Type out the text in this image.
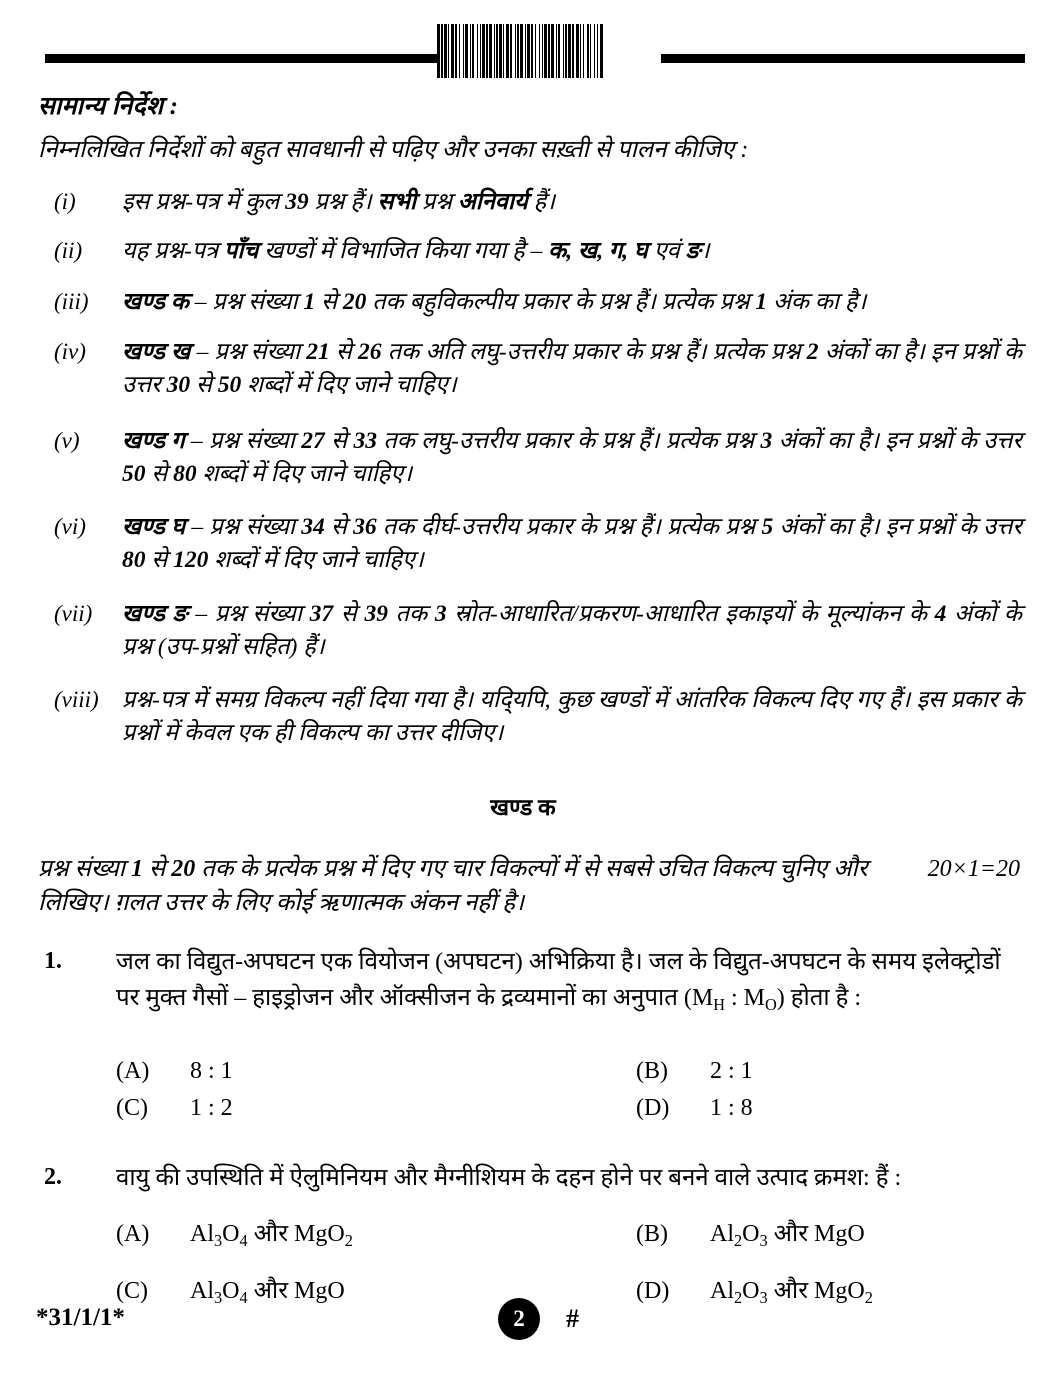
सामान्य निर्देश :
निम्नलिखित निर्देशों को बहुत सावधानी से पढ़िए और उनका सख़्ती से पालन कीजिए :
(i)	इस प्रश्न-पत्र में कुल 39 प्रश्न हैं। सभी प्रश्न अनिवार्य हैं।
(ii)	यह प्रश्न-पत्र पाँच खण्डों में विभाजित किया गया है – क, ख, ग, घ एवं ङ।
(iii)	खण्ड क – प्रश्न संख्या 1 से 20 तक बहुविकल्पीय प्रकार के प्रश्न हैं। प्रत्येक प्रश्न 1 अंक का है।
(iv)	खण्ड ख – प्रश्न संख्या 21 से 26 तक अति लघु-उत्तरीय प्रकार के प्रश्न हैं। प्रत्येक प्रश्न 2 अंकों का है। इन प्रश्नों के उत्तर 30 से 50 शब्दों में दिए जाने चाहिए।
(v)	खण्ड ग – प्रश्न संख्या 27 से 33 तक लघु-उत्तरीय प्रकार के प्रश्न हैं। प्रत्येक प्रश्न 3 अंकों का है। इन प्रश्नों के उत्तर 50 से 80 शब्दों में दिए जाने चाहिए।
(vi)	खण्ड घ – प्रश्न संख्या 34 से 36 तक दीर्घ-उत्तरीय प्रकार के प्रश्न हैं। प्रत्येक प्रश्न 5 अंकों का है। इन प्रश्नों के उत्तर 80 से 120 शब्दों में दिए जाने चाहिए।
(vii)	खण्ड ङ – प्रश्न संख्या 37 से 39 तक 3 स्रोत-आधारित/प्रकरण-आधारित इकाइयों के मूल्यांकन के 4 अंकों के प्रश्न (उप-प्रश्नों सहित) हैं।
(viii) प्रश्न-पत्र में समग्र विकल्प नहीं दिया गया है। यदि्यपि, कुछ खण्डों में आंतरिक विकल्प दिए गए हैं। इस प्रकार के प्रश्नों में केवल एक ही विकल्प का उत्तर दीजिए।
खण्ड क
20×1=20
प्रश्न संख्या 1 से 20 तक के प्रत्येक प्रश्न में दिए गए चार विकल्पों में से सबसे उचित विकल्प चुनिए और लिखिए। ग़लत उत्तर के लिए कोई ऋणात्मक अंकन नहीं है।
1.	जल का विद्युत-अपघटन एक वियोजन (अपघटन) अभिक्रिया है। जल के विद्युत-अपघटन के समय इलेक्ट्रोडों पर मुक्त गैसों – हाइड्रोजन और ऑक्सीजन के द्रव्यमानों का अनुपात ($M_H$ : $M_O$) होता है :
(A)	8 : 1	(B)	2 : 1
(C)	1 : 2	(D)	1 : 8
2.	वायु की उपस्थिति में ऐलुमिनियम और मैग्नीशियम के दहन होने पर बनने वाले उत्पाद क्रमश: हैं :
(A)	$Al_3O_4$ और MgO$_2$	(B)	$Al_2O_3$ और MgO
(C)	$Al_3O_4$ और MgO	(D)	$Al_2O_3$ और MgO$_2$
*31/1/1*	2	#
